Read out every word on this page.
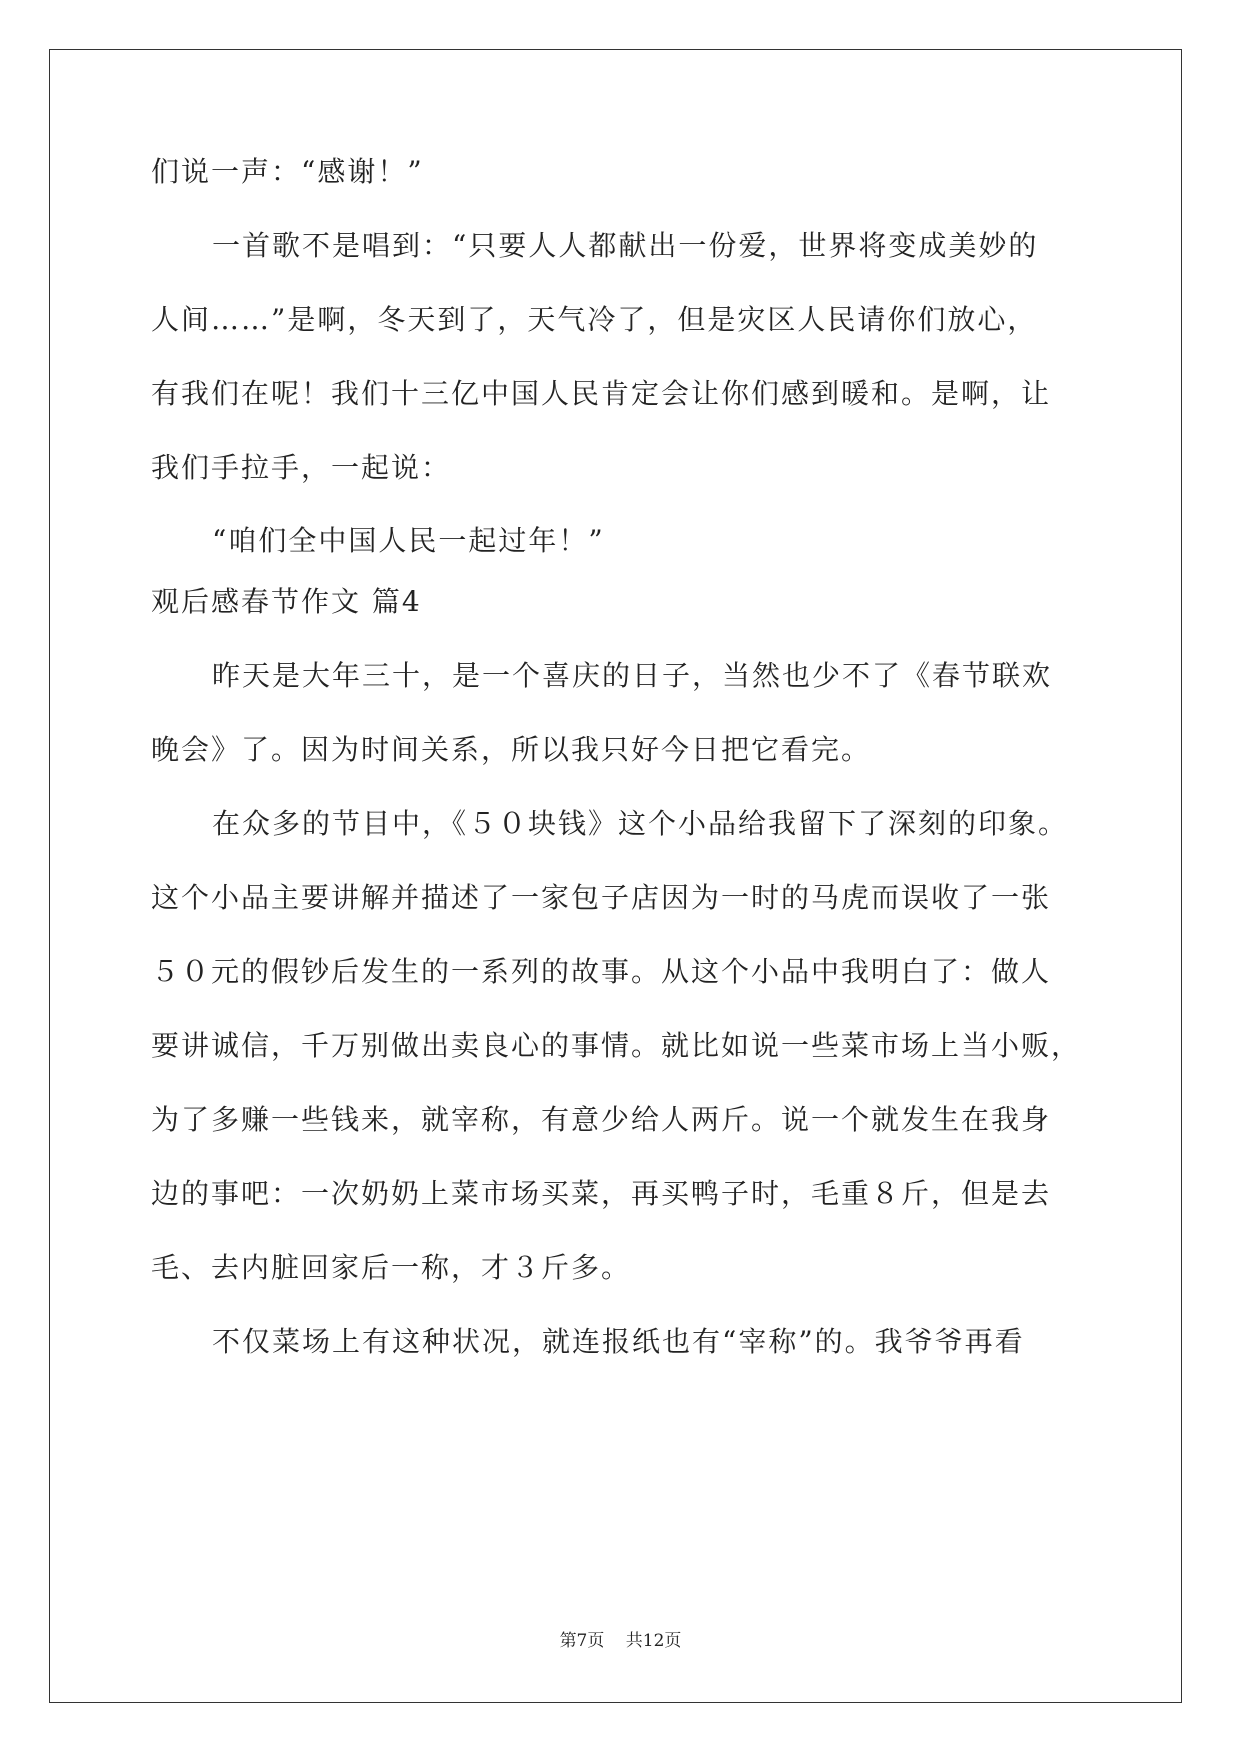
们说一声：“感谢！”
一首歌不是唱到：“只要人人都献出一份爱，世界将变成美妙的
人间……”是啊，冬天到了，天气冷了，但是灾区人民请你们放心，
有我们在呢！我们十三亿中国人民肯定会让你们感到暖和。是啊，让
我们手拉手，一起说：
“咱们全中国人民一起过年！”
观后感春节作文 篇4
昨天是大年三十，是一个喜庆的日子，当然也少不了《春节联欢
晚会》了。因为时间关系，所以我只好今日把它看完。
在众多的节目中，《５０块钱》这个小品给我留下了深刻的印象。
这个小品主要讲解并描述了一家包子店因为一时的马虎而误收了一张
５０元的假钞后发生的一系列的故事。从这个小品中我明白了：做人
要讲诚信，千万别做出卖良心的事情。就比如说一些菜市场上当小贩，
为了多赚一些钱来，就宰称，有意少给人两斤。说一个就发生在我身
边的事吧：一次奶奶上菜市场买菜，再买鸭子时，毛重８斤，但是去
毛、去内脏回家后一称，才３斤多。
不仅菜场上有这种状况，就连报纸也有“宰称”的。我爷爷再看
第7页 共12页
